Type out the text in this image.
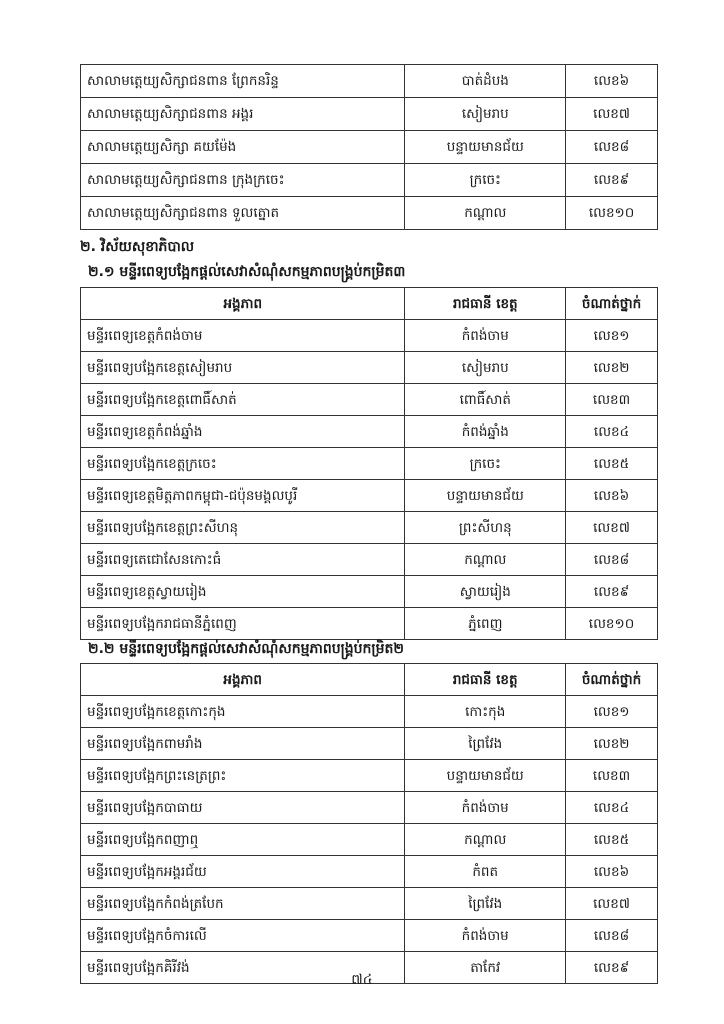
សាលាមត្តេយ្យសិក្សាជនពាន ព្រែកនរិន្ទ	បាត់ដំបង	លេខ៦
សាលាមត្តេយ្យសិក្សាជនពាន អង្គរ	សៀមរាប	លេខ៧
សាលាមត្តេយ្យសិក្សា គយម៉ែង	បន្ទាយមានជ័យ	លេខ៨
សាលាមត្តេយ្យសិក្សាជនពាន ក្រុងក្រចេះ	ក្រចេះ	លេខ៩
សាលាមត្តេយ្យសិក្សាជនពាន ទួលត្នោត	កណ្តាល	លេខ១០
២. វិស័យសុខាភិបាល
២.១ មន្ទីរពេទ្យបង្អែកផ្តល់សេវាសំណុំសកម្មភាពបង្គ្រប់កម្រិត៣
អង្គភាព	រាជធានី ខេត្ត	ចំណាត់ថ្នាក់
មន្ទីរពេទ្យខេត្តកំពង់ចាម	កំពង់ចាម	លេខ១
មន្ទីរពេទ្យបង្អែកខេត្តសៀមរាប	សៀមរាប	លេខ២
មន្ទីរពេទ្យបង្អែកខេត្តពោធិ៍សាត់	ពោធិ៍សាត់	លេខ៣
មន្ទីរពេទ្យខេត្តកំពង់ឆ្នាំង	កំពង់ឆ្នាំង	លេខ៤
មន្ទីរពេទ្យបង្អែកខេត្តក្រចេះ	ក្រចេះ	លេខ៥
មន្ទីរពេទ្យខេត្តមិត្តភាពកម្ពុជា-ជប៉ុនមង្គលបូរី	បន្ទាយមានជ័យ	លេខ៦
មន្ទីរពេទ្យបង្អែកខេត្តព្រះសីហនុ	ព្រះសីហនុ	លេខ៧
មន្ទីរពេទ្យតេជោសែនកោះធំ	កណ្តាល	លេខ៨
មន្ទីរពេទ្យខេត្តស្វាយរៀង	ស្វាយរៀង	លេខ៩
មន្ទីរពេទ្យបង្អែករាជធានីភ្នំពេញ	ភ្នំពេញ	លេខ១០
២.២ មន្ទីរពេទ្យបង្អែកផ្តល់សេវាសំណុំសកម្មភាពបង្គ្រប់កម្រិត២
អង្គភាព	រាជធានី ខេត្ត	ចំណាត់ថ្នាក់
មន្ទីរពេទ្យបង្អែកខេត្តកោះកុង	កោះកុង	លេខ១
មន្ទីរពេទ្យបង្អែកពាមរាំង	ព្រៃវែង	លេខ២
មន្ទីរពេទ្យបង្អែកព្រះនេត្រព្រះ	បន្ទាយមានជ័យ	លេខ៣
មន្ទីរពេទ្យបង្អែកបាធាយ	កំពង់ចាម	លេខ៤
មន្ទីរពេទ្យបង្អែកពញាឮ	កណ្តាល	លេខ៥
មន្ទីរពេទ្យបង្អែកអង្គរជ័យ	កំពត	លេខ៦
មន្ទីរពេទ្យបង្អែកកំពង់ត្របែក	ព្រៃវែង	លេខ៧
មន្ទីរពេទ្យបង្អែកចំការលើ	កំពង់ចាម	លេខ៨
មន្ទីរពេទ្យបង្អែកគិរីវង់	តាកែវ	លេខ៩
៧៤
